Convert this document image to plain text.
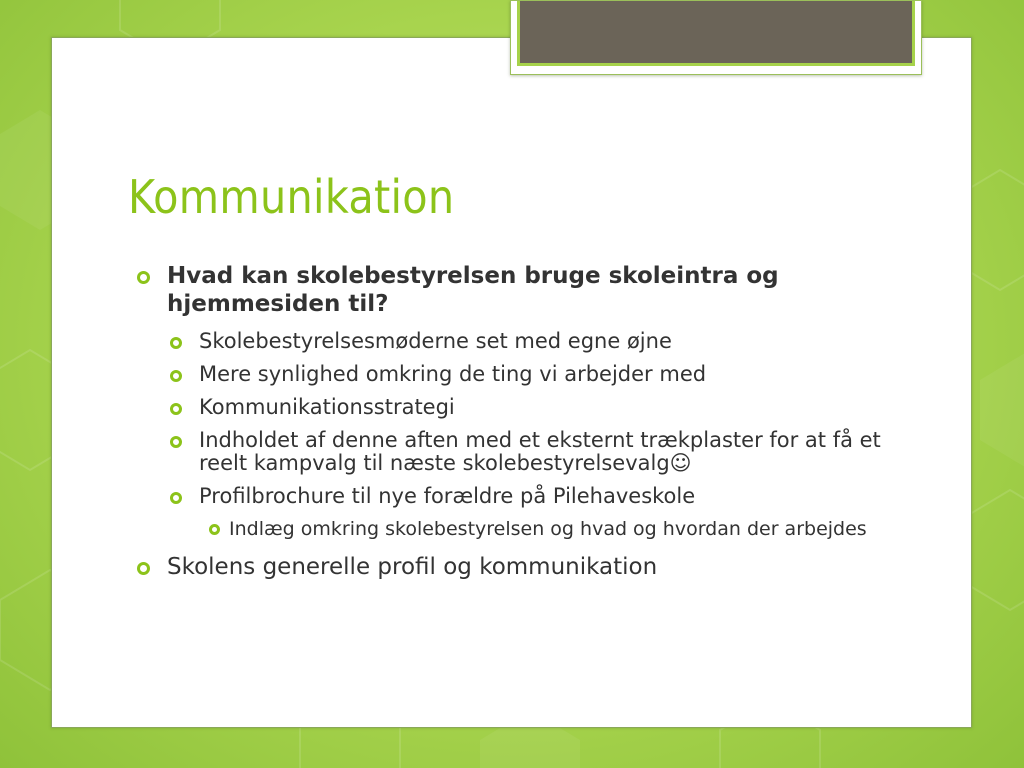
Kommunikation
Hvad kan skolebestyrelsen bruge skoleintra og hjemmesiden til?
Skolebestyrelsesmøderne set med egne øjne
Mere synlighed omkring de ting vi arbejder med
Kommunikationsstrategi
Indholdet af denne aften med et eksternt trækplaster for at få et reelt kampvalg til næste skolebestyrelsevalg☺
Profilbrochure til nye forældre på Pilehaveskole
Indlæg omkring skolebestyrelsen og hvad og hvordan der arbejdes
Skolens generelle profil og kommunikation
